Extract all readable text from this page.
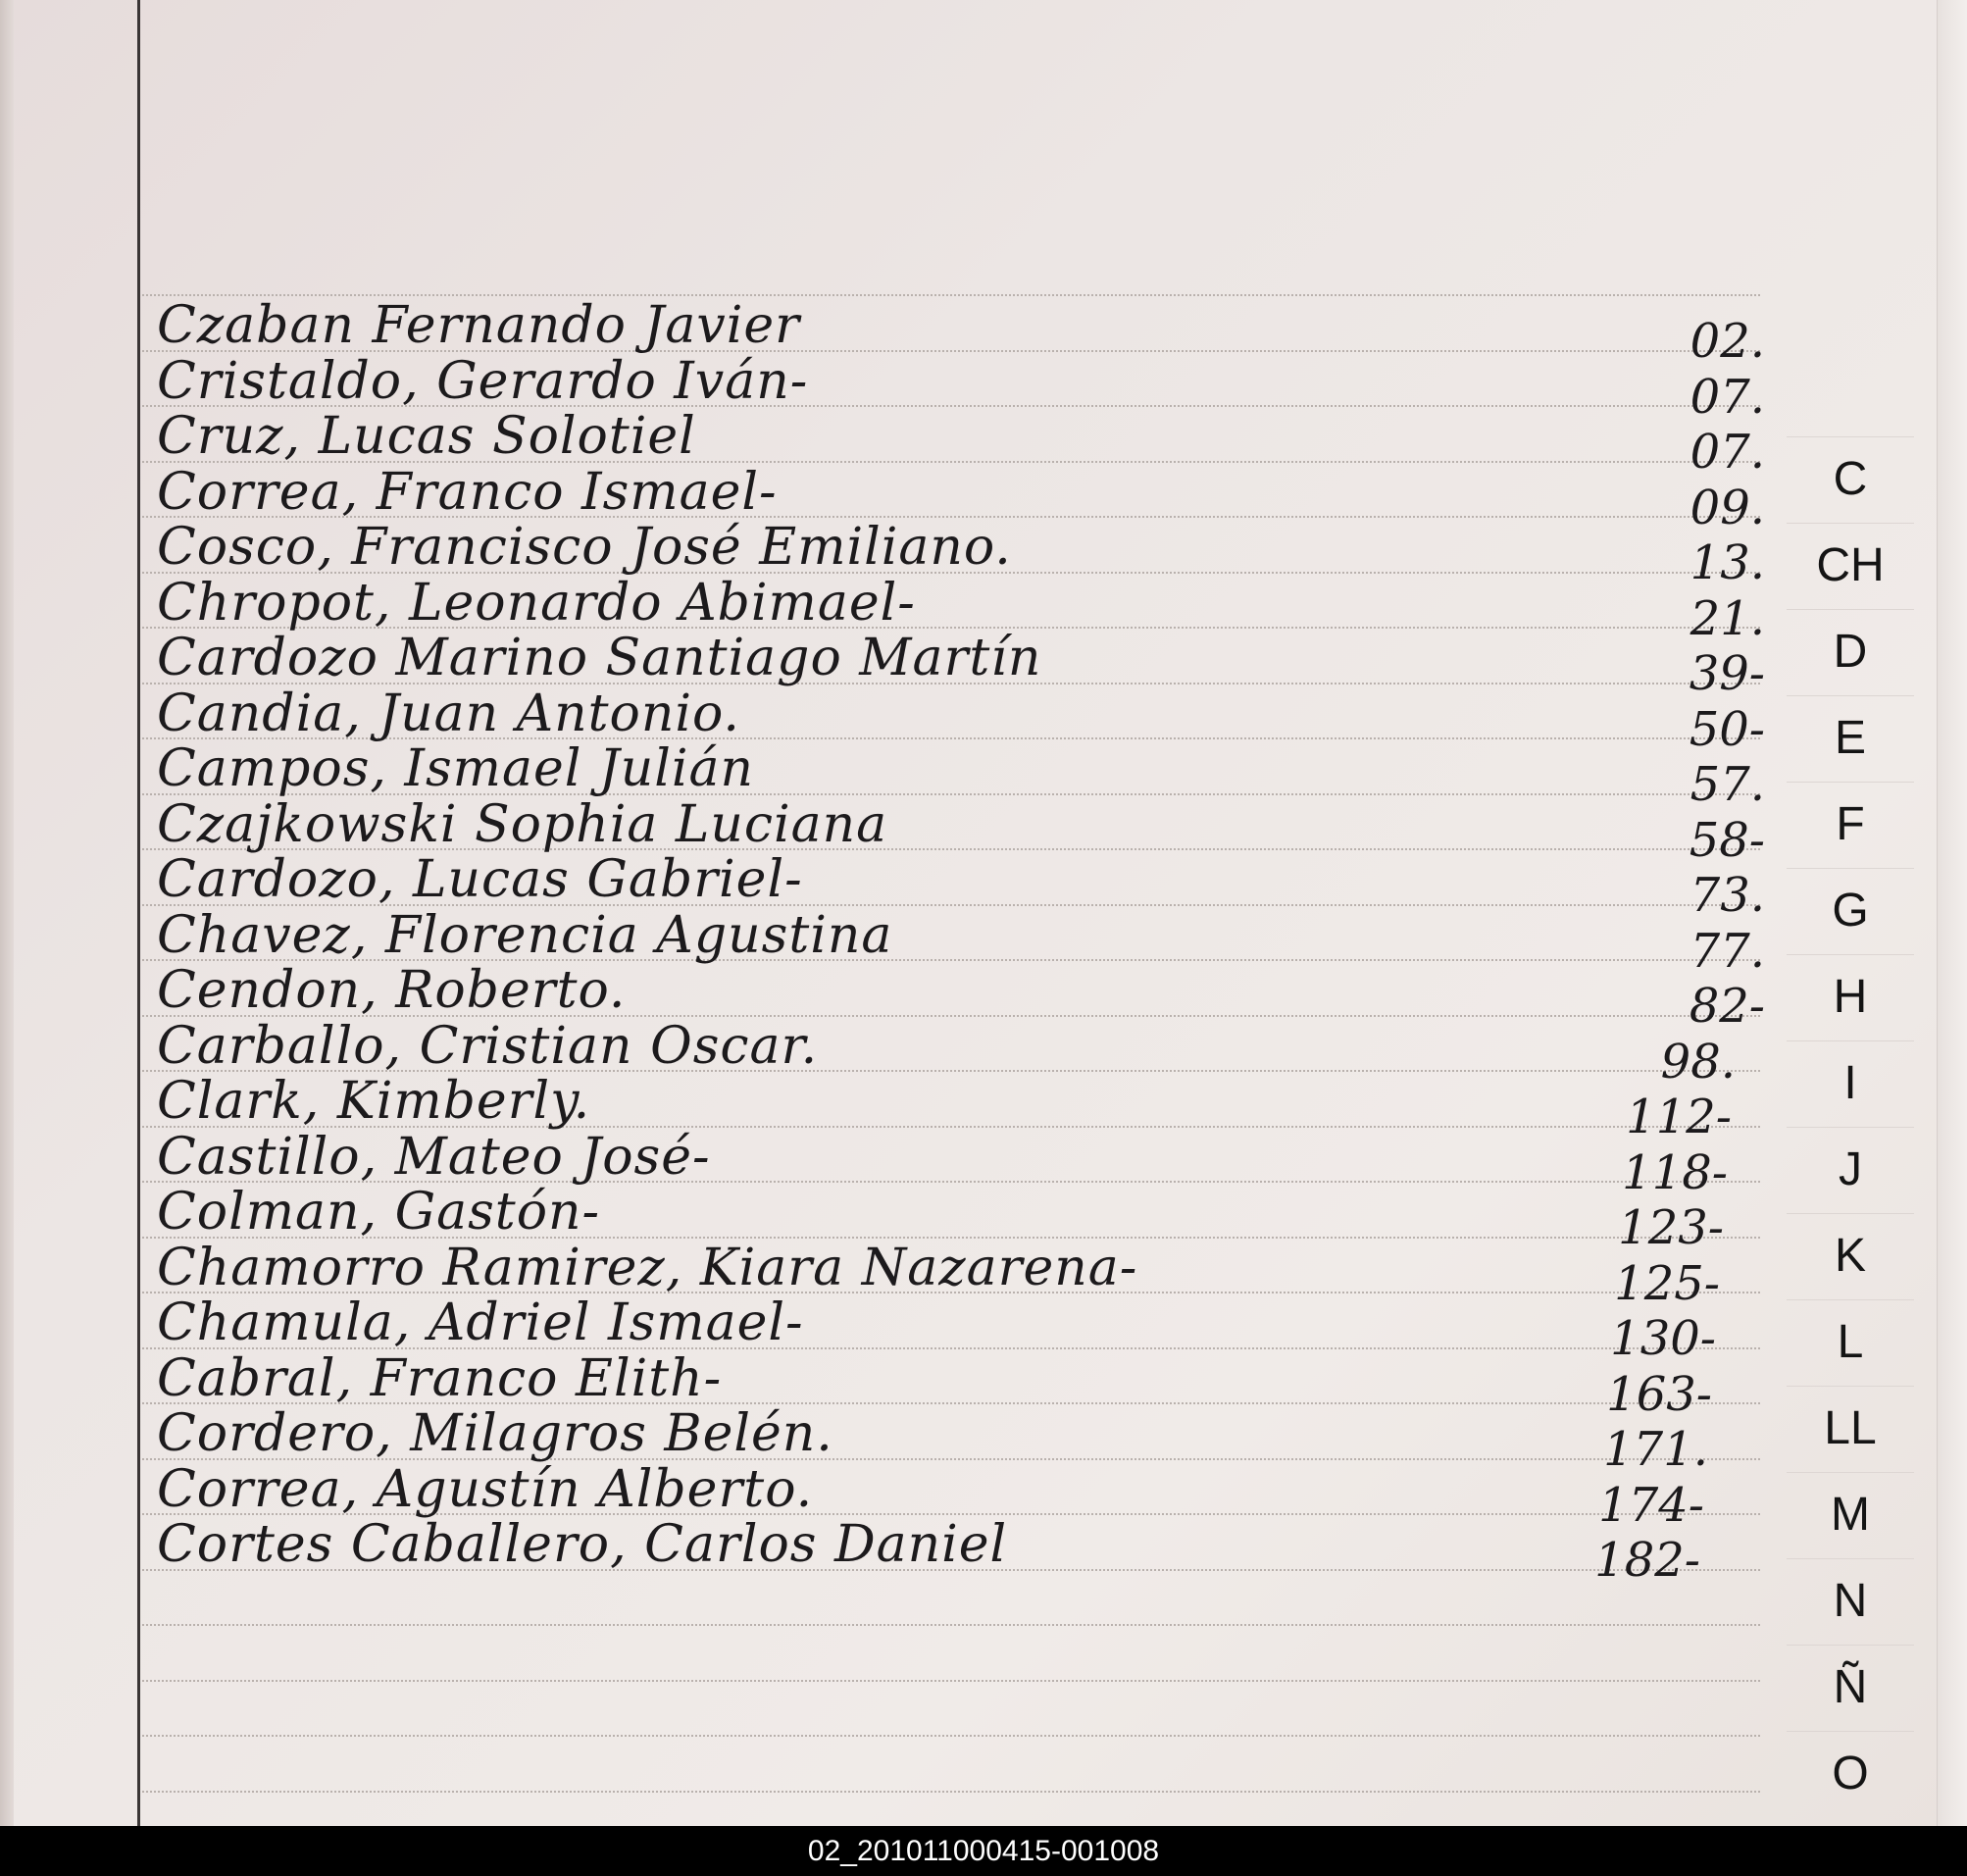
Czaban Fernando Javier	02.
Cristaldo, Gerardo Iván-	07.
Cruz, Lucas Solotiel	07.
Correa, Franco Ismael-	09.
Cosco, Francisco José Emiliano.	13.
Chropot, Leonardo Abimael-	21.
Cardozo Marino Santiago Martín	39-
Candia, Juan Antonio.	50-
Campos, Ismael Julián	57.
Czajkowski Sophia Luciana	58-
Cardozo, Lucas Gabriel-	73.
Chavez, Florencia Agustina	77.
Cendon, Roberto.	82-
Carballo, Cristian Oscar.	98.
Clark, Kimberly.	112-
Castillo, Mateo José-	118-
Colman, Gastón-	123-
Chamorro Ramirez, Kiara Nazarena-	125-
Chamula, Adriel Ismael-	130-
Cabral, Franco Elith-	163-
Cordero, Milagros Belén.	171.
Correa, Agustín Alberto.	174-
Cortes Caballero, Carlos Daniel	182-
C
CH
D
E
F
G
H
I
J
K
L
LL
M
N
Ñ
O
02_201011000415-001008
